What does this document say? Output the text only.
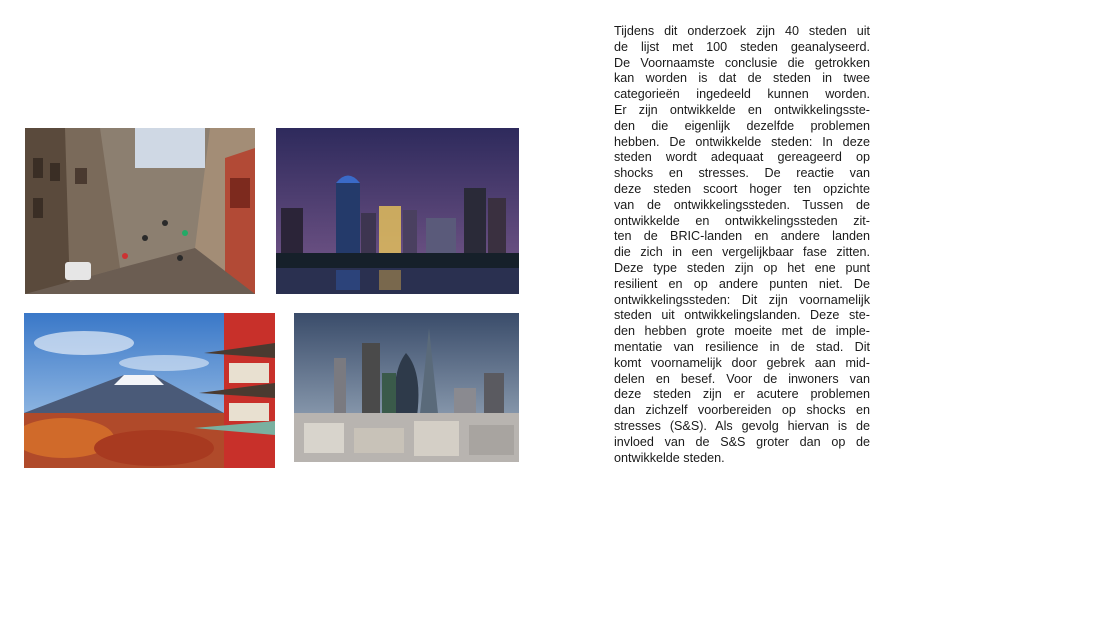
Tijdens dit onderzoek zijn 40 steden uit
de lijst met 100 steden geanalyseerd.
De Voornaamste conclusie die getrokken
kan worden is dat de steden in twee
categorieën ingedeeld kunnen worden.
Er zijn ontwikkelde en ontwikkelingsste-
den die eigenlijk dezelfde problemen
hebben. De ontwikkelde steden: In deze
steden wordt adequaat gereageerd op
shocks en stresses. De reactie van
deze steden scoort hoger ten opzichte
van de ontwikkelingssteden. Tussen de
ontwikkelde en ontwikkelingssteden zit-
ten de BRIC-landen en andere landen
die zich in een vergelijkbaar fase zitten.
Deze type steden zijn op het ene punt
resilient en op andere punten niet. De
ontwikkelingssteden: Dit zijn voornamelijk
steden uit ontwikkelingslanden. Deze ste-
den hebben grote moeite met de imple-
mentatie van resilience in de stad. Dit
komt voornamelijk door gebrek aan mid-
delen en besef. Voor de inwoners van
deze steden zijn er acutere problemen
dan zichzelf voorbereiden op shocks en
stresses (S&S). Als gevolg hiervan is de
invloed van de S&S groter dan op de
ontwikkelde steden.
